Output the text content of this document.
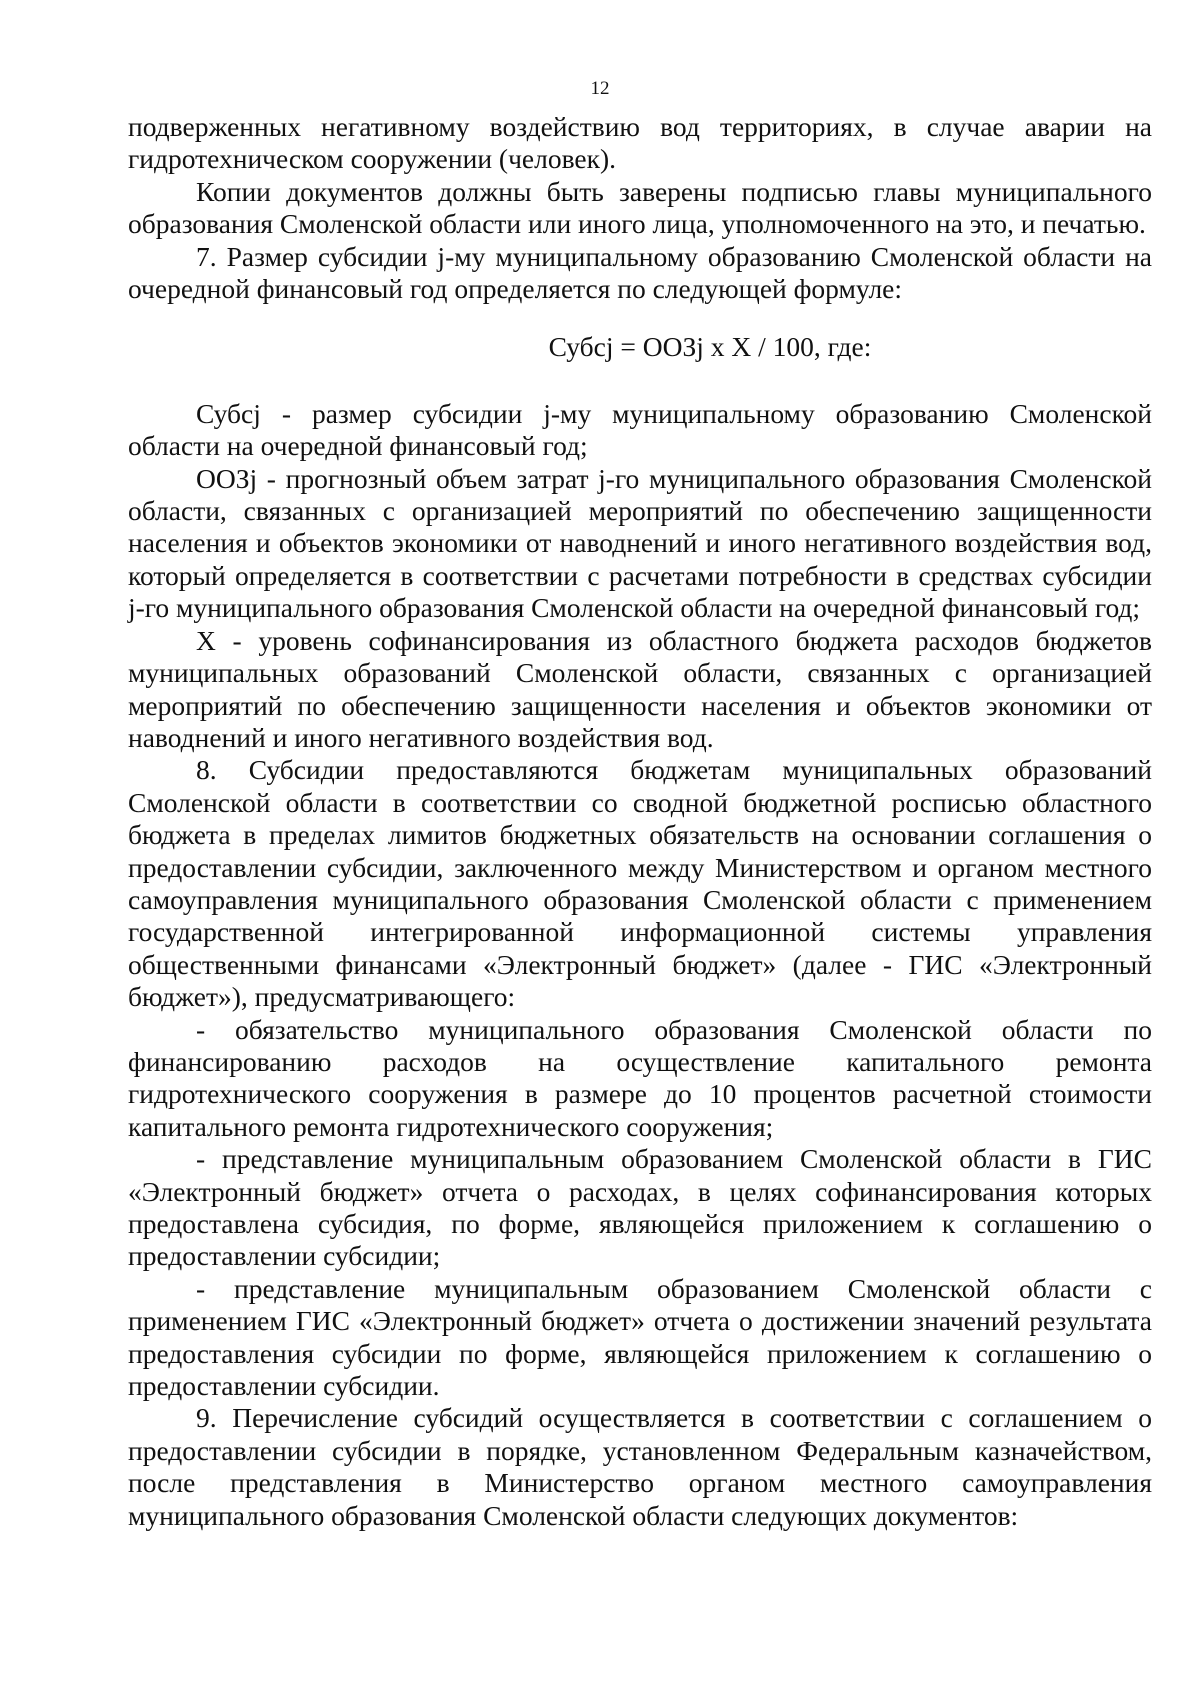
12

подверженных негативному воздействию вод территориях, в случае аварии на гидротехническом сооружении (человек).

Копии документов должны быть заверены подписью главы муниципального образования Смоленской области или иного лица, уполномоченного на это, и печатью.

7. Размер субсидии j-му муниципальному образованию Смоленской области на очередной финансовый год определяется по следующей формуле:

Субсj = ООЗj x X / 100, где:

Субсj - размер субсидии j-му муниципальному образованию Смоленской области на очередной финансовый год;

ООЗj - прогнозный объем затрат j-го муниципального образования Смоленской области, связанных с организацией мероприятий по обеспечению защищенности населения и объектов экономики от наводнений и иного негативного воздействия вод, который определяется в соответствии с расчетами потребности в средствах субсидии j-го муниципального образования Смоленской области на очередной финансовый год;

X - уровень софинансирования из областного бюджета расходов бюджетов муниципальных образований Смоленской области, связанных с организацией мероприятий по обеспечению защищенности населения и объектов экономики от наводнений и иного негативного воздействия вод.

8. Субсидии предоставляются бюджетам муниципальных образований Смоленской области в соответствии со сводной бюджетной росписью областного бюджета в пределах лимитов бюджетных обязательств на основании соглашения о предоставлении субсидии, заключенного между Министерством и органом местного самоуправления муниципального образования Смоленской области с применением государственной интегрированной информационной системы управления общественными финансами «Электронный бюджет» (далее - ГИС «Электронный бюджет»), предусматривающего:

- обязательство муниципального образования Смоленской области по финансированию расходов на осуществление капитального ремонта гидротехнического сооружения в размере до 10 процентов расчетной стоимости капитального ремонта гидротехнического сооружения;

- представление муниципальным образованием Смоленской области в ГИС «Электронный бюджет» отчета о расходах, в целях софинансирования которых предоставлена субсидия, по форме, являющейся приложением к соглашению о предоставлении субсидии;

- представление муниципальным образованием Смоленской области с применением ГИС «Электронный бюджет» отчета о достижении значений результата предоставления субсидии по форме, являющейся приложением к соглашению о предоставлении субсидии.

9. Перечисление субсидий осуществляется в соответствии с соглашением о предоставлении субсидии в порядке, установленном Федеральным казначейством, после представления в Министерство органом местного самоуправления муниципального образования Смоленской области следующих документов:
